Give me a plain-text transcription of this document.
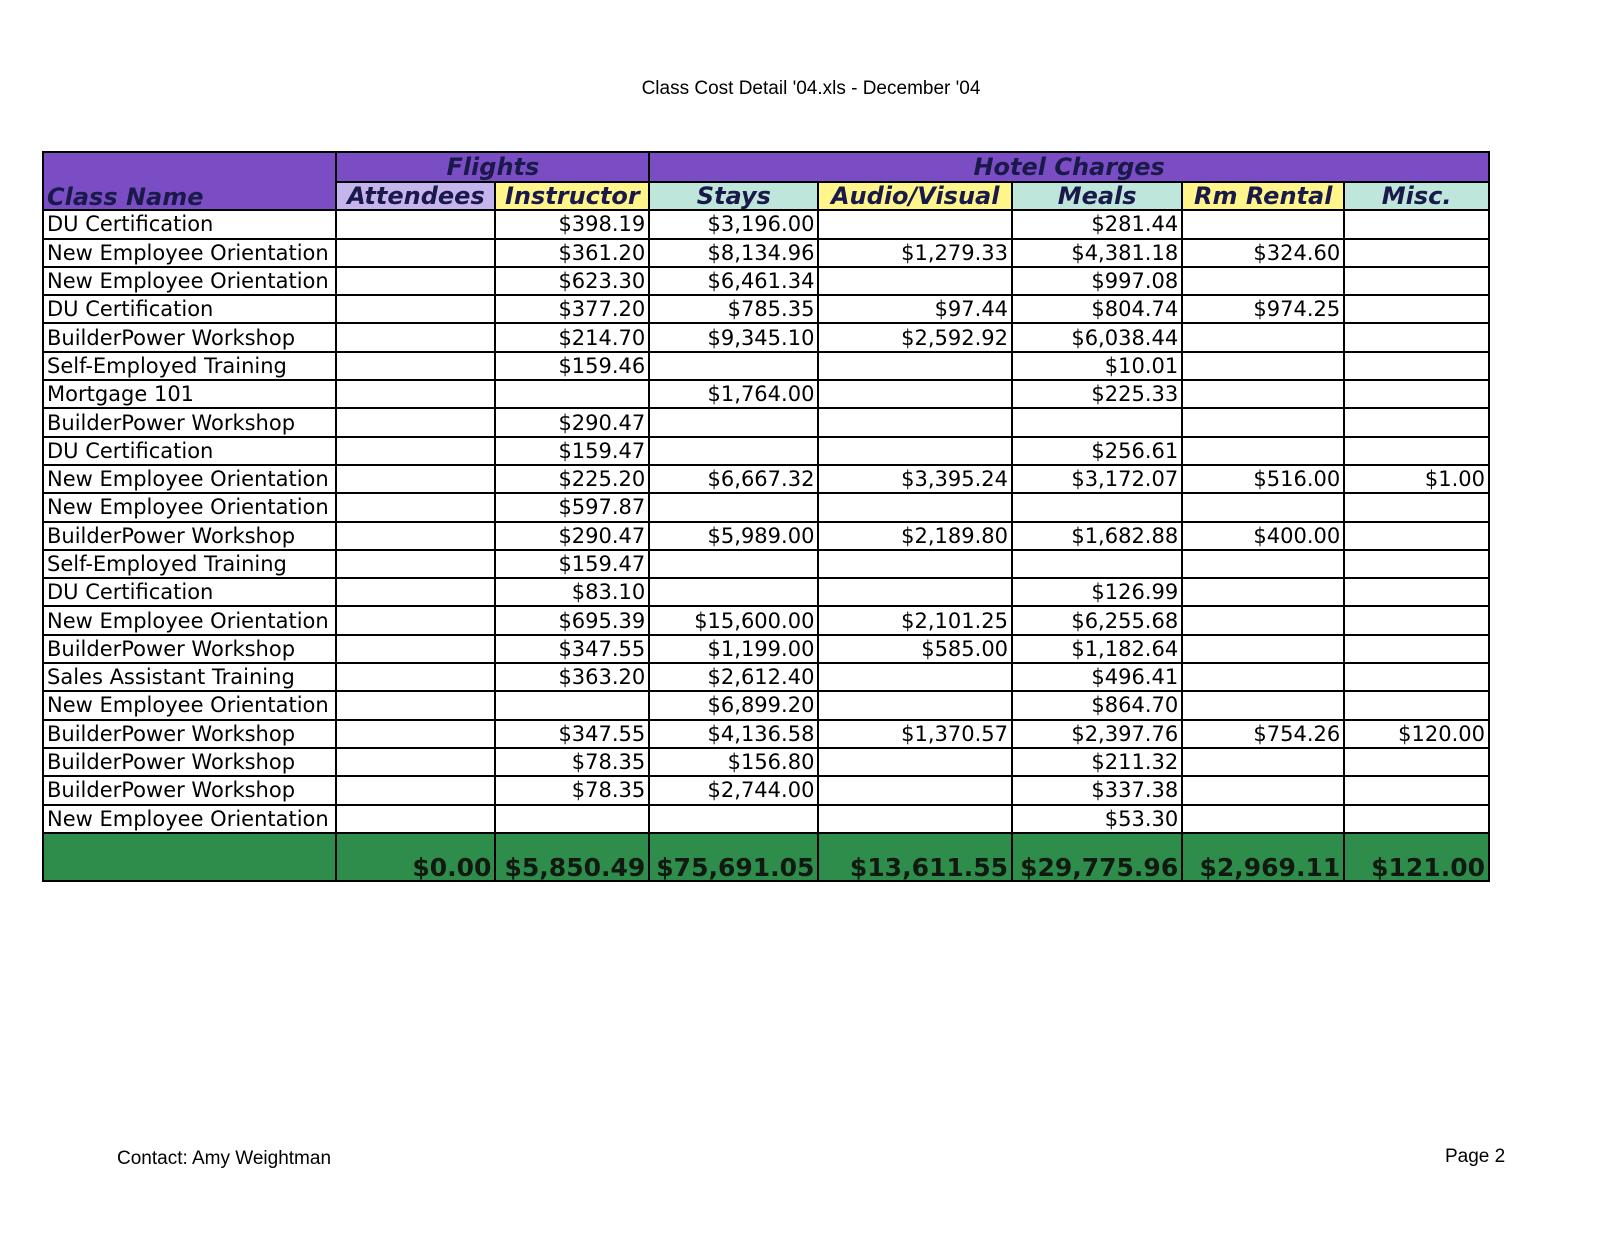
Class Cost Detail '04.xls - December '04
	Flights		Hotel Charges				
Class Name	Attendees	Instructor	Stays	Audio/Visual	Meals	Rm Rental	Misc.
DU Certification		$398.19	$3,196.00		$281.44		
New Employee Orientation		$361.20	$8,134.96	$1,279.33	$4,381.18	$324.60	
New Employee Orientation		$623.30	$6,461.34		$997.08		
DU Certification		$377.20	$785.35	$97.44	$804.74	$974.25	
BuilderPower Workshop		$214.70	$9,345.10	$2,592.92	$6,038.44		
Self-Employed Training		$159.46			$10.01		
Mortgage 101			$1,764.00		$225.33		
BuilderPower Workshop		$290.47					
DU Certification		$159.47			$256.61		
New Employee Orientation		$225.20	$6,667.32	$3,395.24	$3,172.07	$516.00	$1.00
New Employee Orientation		$597.87					
BuilderPower Workshop		$290.47	$5,989.00	$2,189.80	$1,682.88	$400.00	
Self-Employed Training		$159.47					
DU Certification		$83.10			$126.99		
New Employee Orientation		$695.39	$15,600.00	$2,101.25	$6,255.68		
BuilderPower Workshop		$347.55	$1,199.00	$585.00	$1,182.64		
Sales Assistant Training		$363.20	$2,612.40		$496.41		
New Employee Orientation			$6,899.20		$864.70		
BuilderPower Workshop		$347.55	$4,136.58	$1,370.57	$2,397.76	$754.26	$120.00
BuilderPower Workshop		$78.35	$156.80		$211.32		
BuilderPower Workshop		$78.35	$2,744.00		$337.38		
New Employee Orientation					$53.30		
	$0.00	$5,850.49	$75,691.05	$13,611.55	$29,775.96	$2,969.11	$121.00
Contact: Amy Weightman	Page 2
